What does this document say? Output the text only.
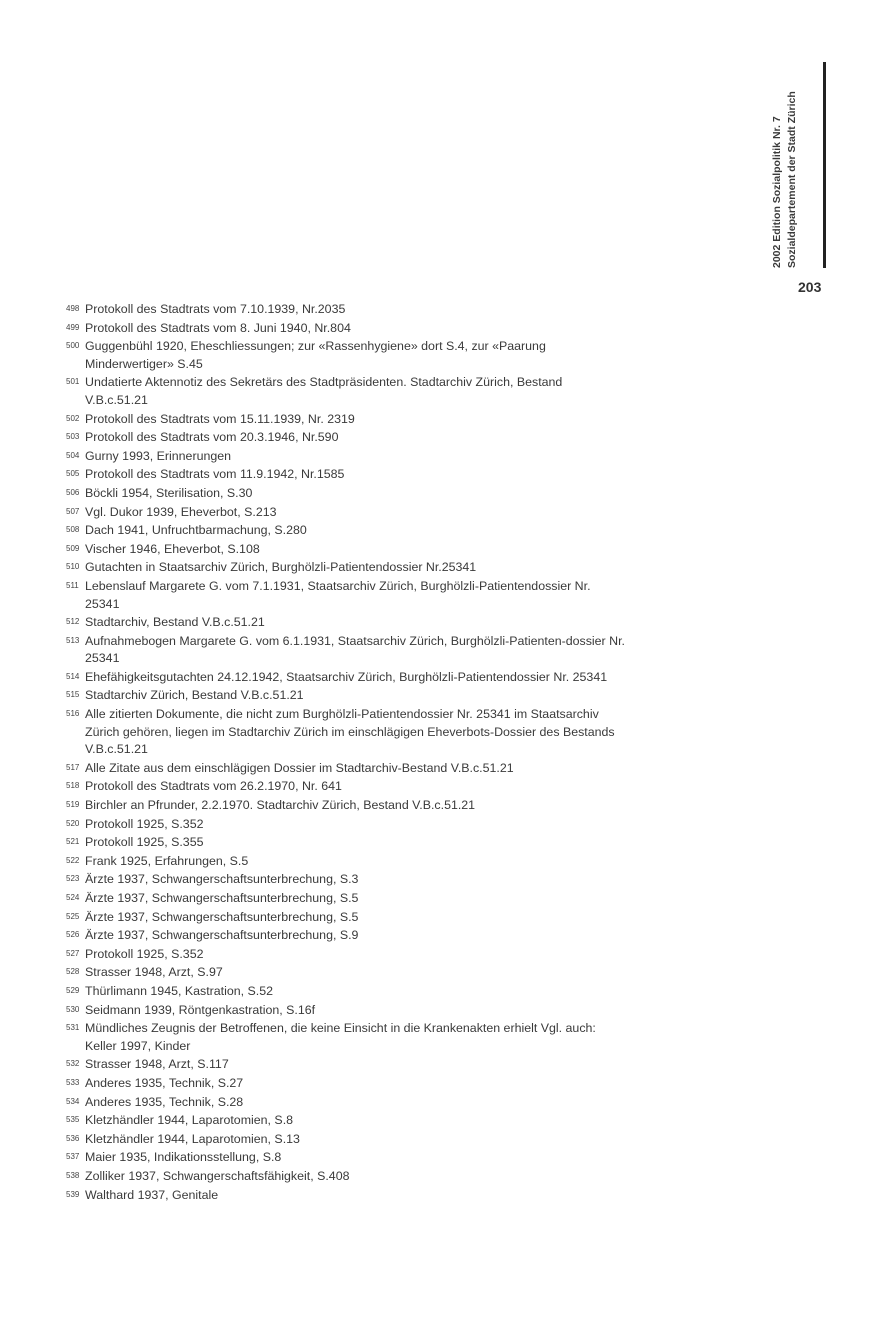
2002 Edition Sozialpolitik Nr. 7 Sozialdepartement der Stadt Zürich
203
498 Protokoll des Stadtrats vom 7.10.1939, Nr.2035
499 Protokoll des Stadtrats vom 8. Juni 1940, Nr.804
500 Guggenbühl 1920, Eheschliessungen; zur «Rassenhygiene» dort S.4, zur «Paarung Minderwertiger» S.45
501 Undatierte Aktennotiz des Sekretärs des Stadtpräsidenten. Stadtarchiv Zürich, Bestand V.B.c.51.21
502 Protokoll des Stadtrats vom 15.11.1939, Nr. 2319
503 Protokoll des Stadtrats vom 20.3.1946, Nr.590
504 Gurny 1993, Erinnerungen
505 Protokoll des Stadtrats vom 11.9.1942, Nr.1585
506 Böckli 1954, Sterilisation, S.30
507 Vgl. Dukor 1939, Eheverbot, S.213
508 Dach 1941, Unfruchtbarmachung, S.280
509 Vischer 1946, Eheverbot, S.108
510 Gutachten in Staatsarchiv Zürich, Burghölzli-Patientendossier Nr.25341
511 Lebenslauf Margarete G. vom 7.1.1931, Staatsarchiv Zürich, Burghölzli-Patientendossier Nr. 25341
512 Stadtarchiv, Bestand V.B.c.51.21
513 Aufnahmebogen Margarete G. vom 6.1.1931, Staatsarchiv Zürich, Burghölzli-Patienten-dossier Nr. 25341
514 Ehefähigkeitsgutachten 24.12.1942, Staatsarchiv Zürich, Burghölzli-Patientendossier Nr. 25341
515 Stadtarchiv Zürich, Bestand V.B.c.51.21
516 Alle zitierten Dokumente, die nicht zum Burghölzli-Patientendossier Nr. 25341 im Staatsarchiv Zürich gehören, liegen im Stadtarchiv Zürich im einschlägigen Eheverbots-Dossier des Bestands V.B.c.51.21
517 Alle Zitate aus dem einschlägigen Dossier im Stadtarchiv-Bestand V.B.c.51.21
518 Protokoll des Stadtrats vom 26.2.1970, Nr. 641
519 Birchler an Pfrunder, 2.2.1970. Stadtarchiv Zürich, Bestand V.B.c.51.21
520 Protokoll 1925, S.352
521 Protokoll 1925, S.355
522 Frank 1925, Erfahrungen, S.5
523 Ärzte 1937, Schwangerschaftsunterbrechung, S.3
524 Ärzte 1937, Schwangerschaftsunterbrechung, S.5
525 Ärzte 1937, Schwangerschaftsunterbrechung, S.5
526 Ärzte 1937, Schwangerschaftsunterbrechung, S.9
527 Protokoll 1925, S.352
528 Strasser 1948, Arzt, S.97
529 Thürlimann 1945, Kastration, S.52
530 Seidmann 1939, Röntgenkastration, S.16f
531 Mündliches Zeugnis der Betroffenen, die keine Einsicht in die Krankenakten erhielt Vgl. auch: Keller 1997, Kinder
532 Strasser 1948, Arzt, S.117
533 Anderes 1935, Technik, S.27
534 Anderes 1935, Technik, S.28
535 Kletzhändler 1944, Laparotomien, S.8
536 Kletzhändler 1944, Laparotomien, S.13
537 Maier 1935, Indikationsstellung, S.8
538 Zolliker 1937, Schwangerschaftsfähigkeit, S.408
539 Walthard 1937, Genitale
